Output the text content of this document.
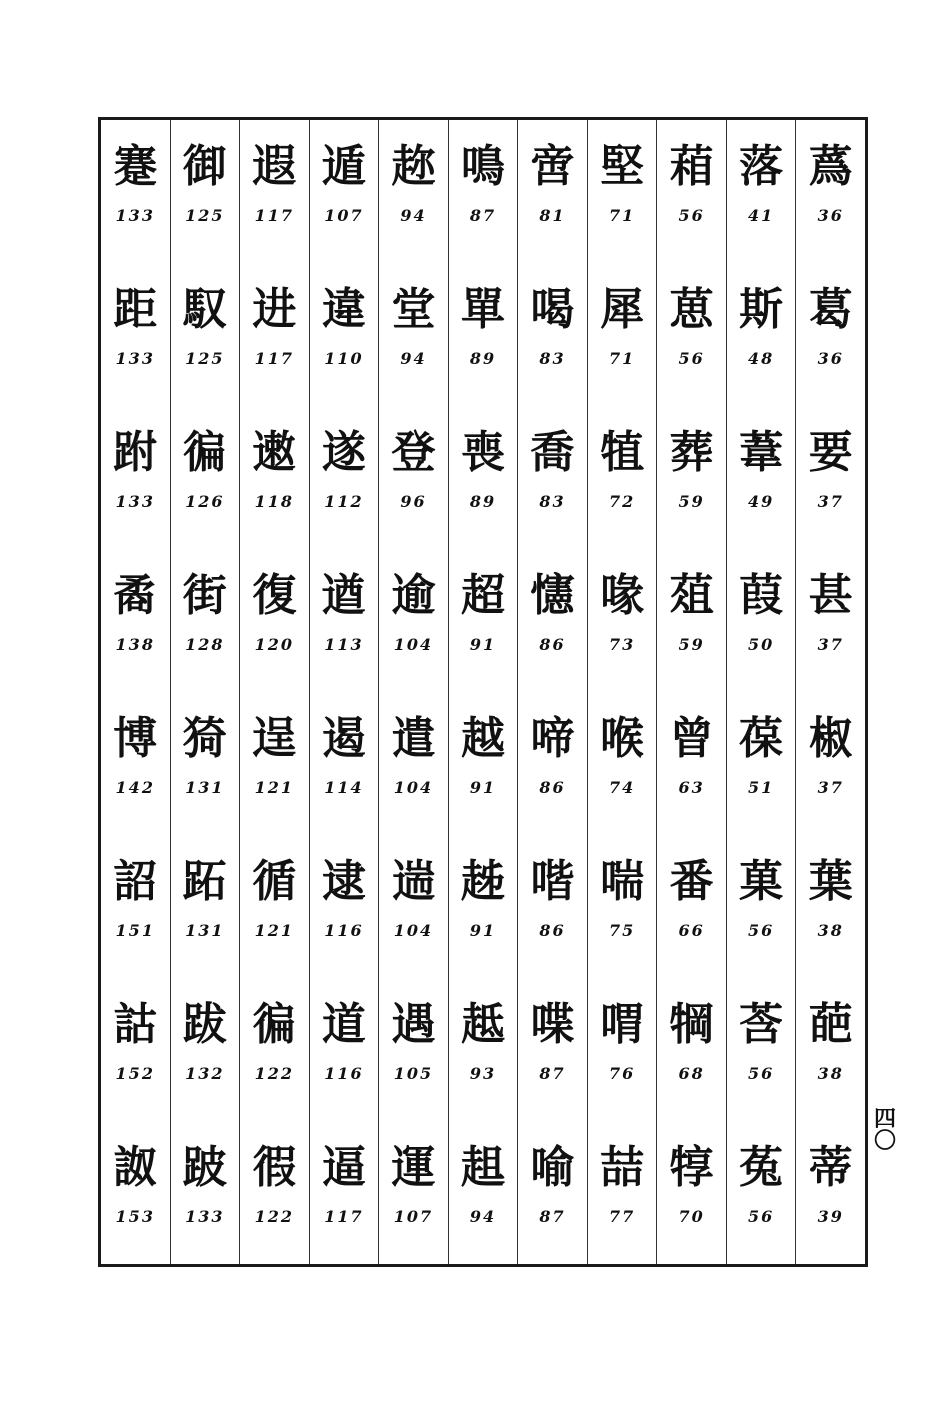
蔿
36
葛
36
要
37
甚
37
椒
37
葉
38
葩
38
蒂
39
落
41
斯
48
葦
49
葭
50
葆
51
菓
56
莟
56
菟
56
葙
56
葸
56
葬
59
葅
59
曾
63
番
66
犅
68
犉
70
堅
71
犀
71
犆
72
喙
73
喉
74
喘
75
喟
76
喆
77
啻
81
喝
83
喬
83
㦥
86
啼
86
喈
86
喋
87
喻
87
鳴
87
單
89
喪
89
超
91
越
91
趀
91
趆
93
趄
94
趂
94
堂
94
登
96
逾
104
遣
104
遄
104
遇
105
運
107
遁
107
違
110
遂
112
遒
113
遏
114
逮
116
道
116
逼
117
遐
117
进
117
遫
118
復
120
逞
121
循
121
徧
122
徦
122
御
125
馭
125
徧
126
街
128
猗
131
跖
131
跋
132
跛
133
蹇
133
距
133
跗
133
矞
138
博
142
詔
151
詁
152
詉
153
四〇
